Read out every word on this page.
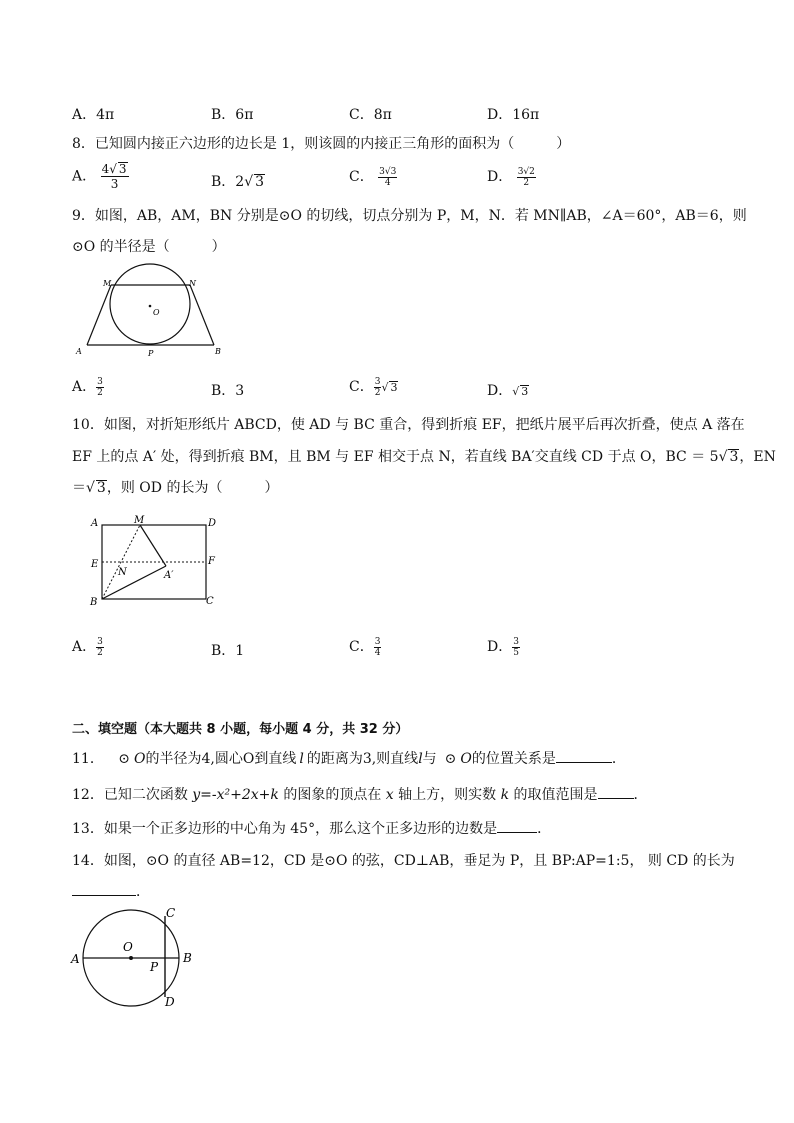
A．4π	B．6π	C．8π	D．16π
8．已知圆内接正六边形的边长是 1，则该圆的内接正三角形的面积为（　　　）
A． $\frac{4√ 3}{3}$	B．2√ 3	C． $\frac{3√3}{4}$	D． $\frac{3√2}{2}$
9．如图，AB，AM，BN 分别是⊙O 的切线，切点分别为 P，M，N．若 MN∥AB，∠A＝60°，AB＝6，则
⊙O 的半径是（　　　）
M	N
O
A	P	B
A． $\frac{3}{2}$	B．3	C． $\frac{3}{2}$ √ 3	D．√ 3
10．如图，对折矩形纸片 ABCD，使 AD 与 BC 重合，得到折痕 EF，把纸片展平后再次折叠，使点 A 落在
EF 上的点 A′ 处，得到折痕 BM，且 BM 与 EF 相交于点 N，若直线 BA′交直线 CD 于点 O，BC ＝ 5√ 3，EN
＝√ 3，则 OD 的长为（　　　）
A	M	D
E	F
N	A′
B	C
A． $\frac{3}{2}$	B．1	C． $\frac{3}{4}$	D． $\frac{3}{5}$
二、填空题（本大题共 8 小题，每小题 4 分，共 32 分）
11． ⊙ O的半径为4,圆心O到直线 l 的距离为3,则直线l与 ⊙ O的位置关系是	．
12．已知二次函数 y=-x²+2x+k 的图象的顶点在 x 轴上方，则实数 k 的取值范围是	．
13．如果一个正多边形的中心角为 45°，那么这个正多边形的边数是	．
14．如图，⊙O 的直径 AB=12，CD 是⊙O 的弦，CD⊥AB，垂足为 P，且 BP:AP=1:5， 则 CD 的长为
．
C
O
A	B
P
D
